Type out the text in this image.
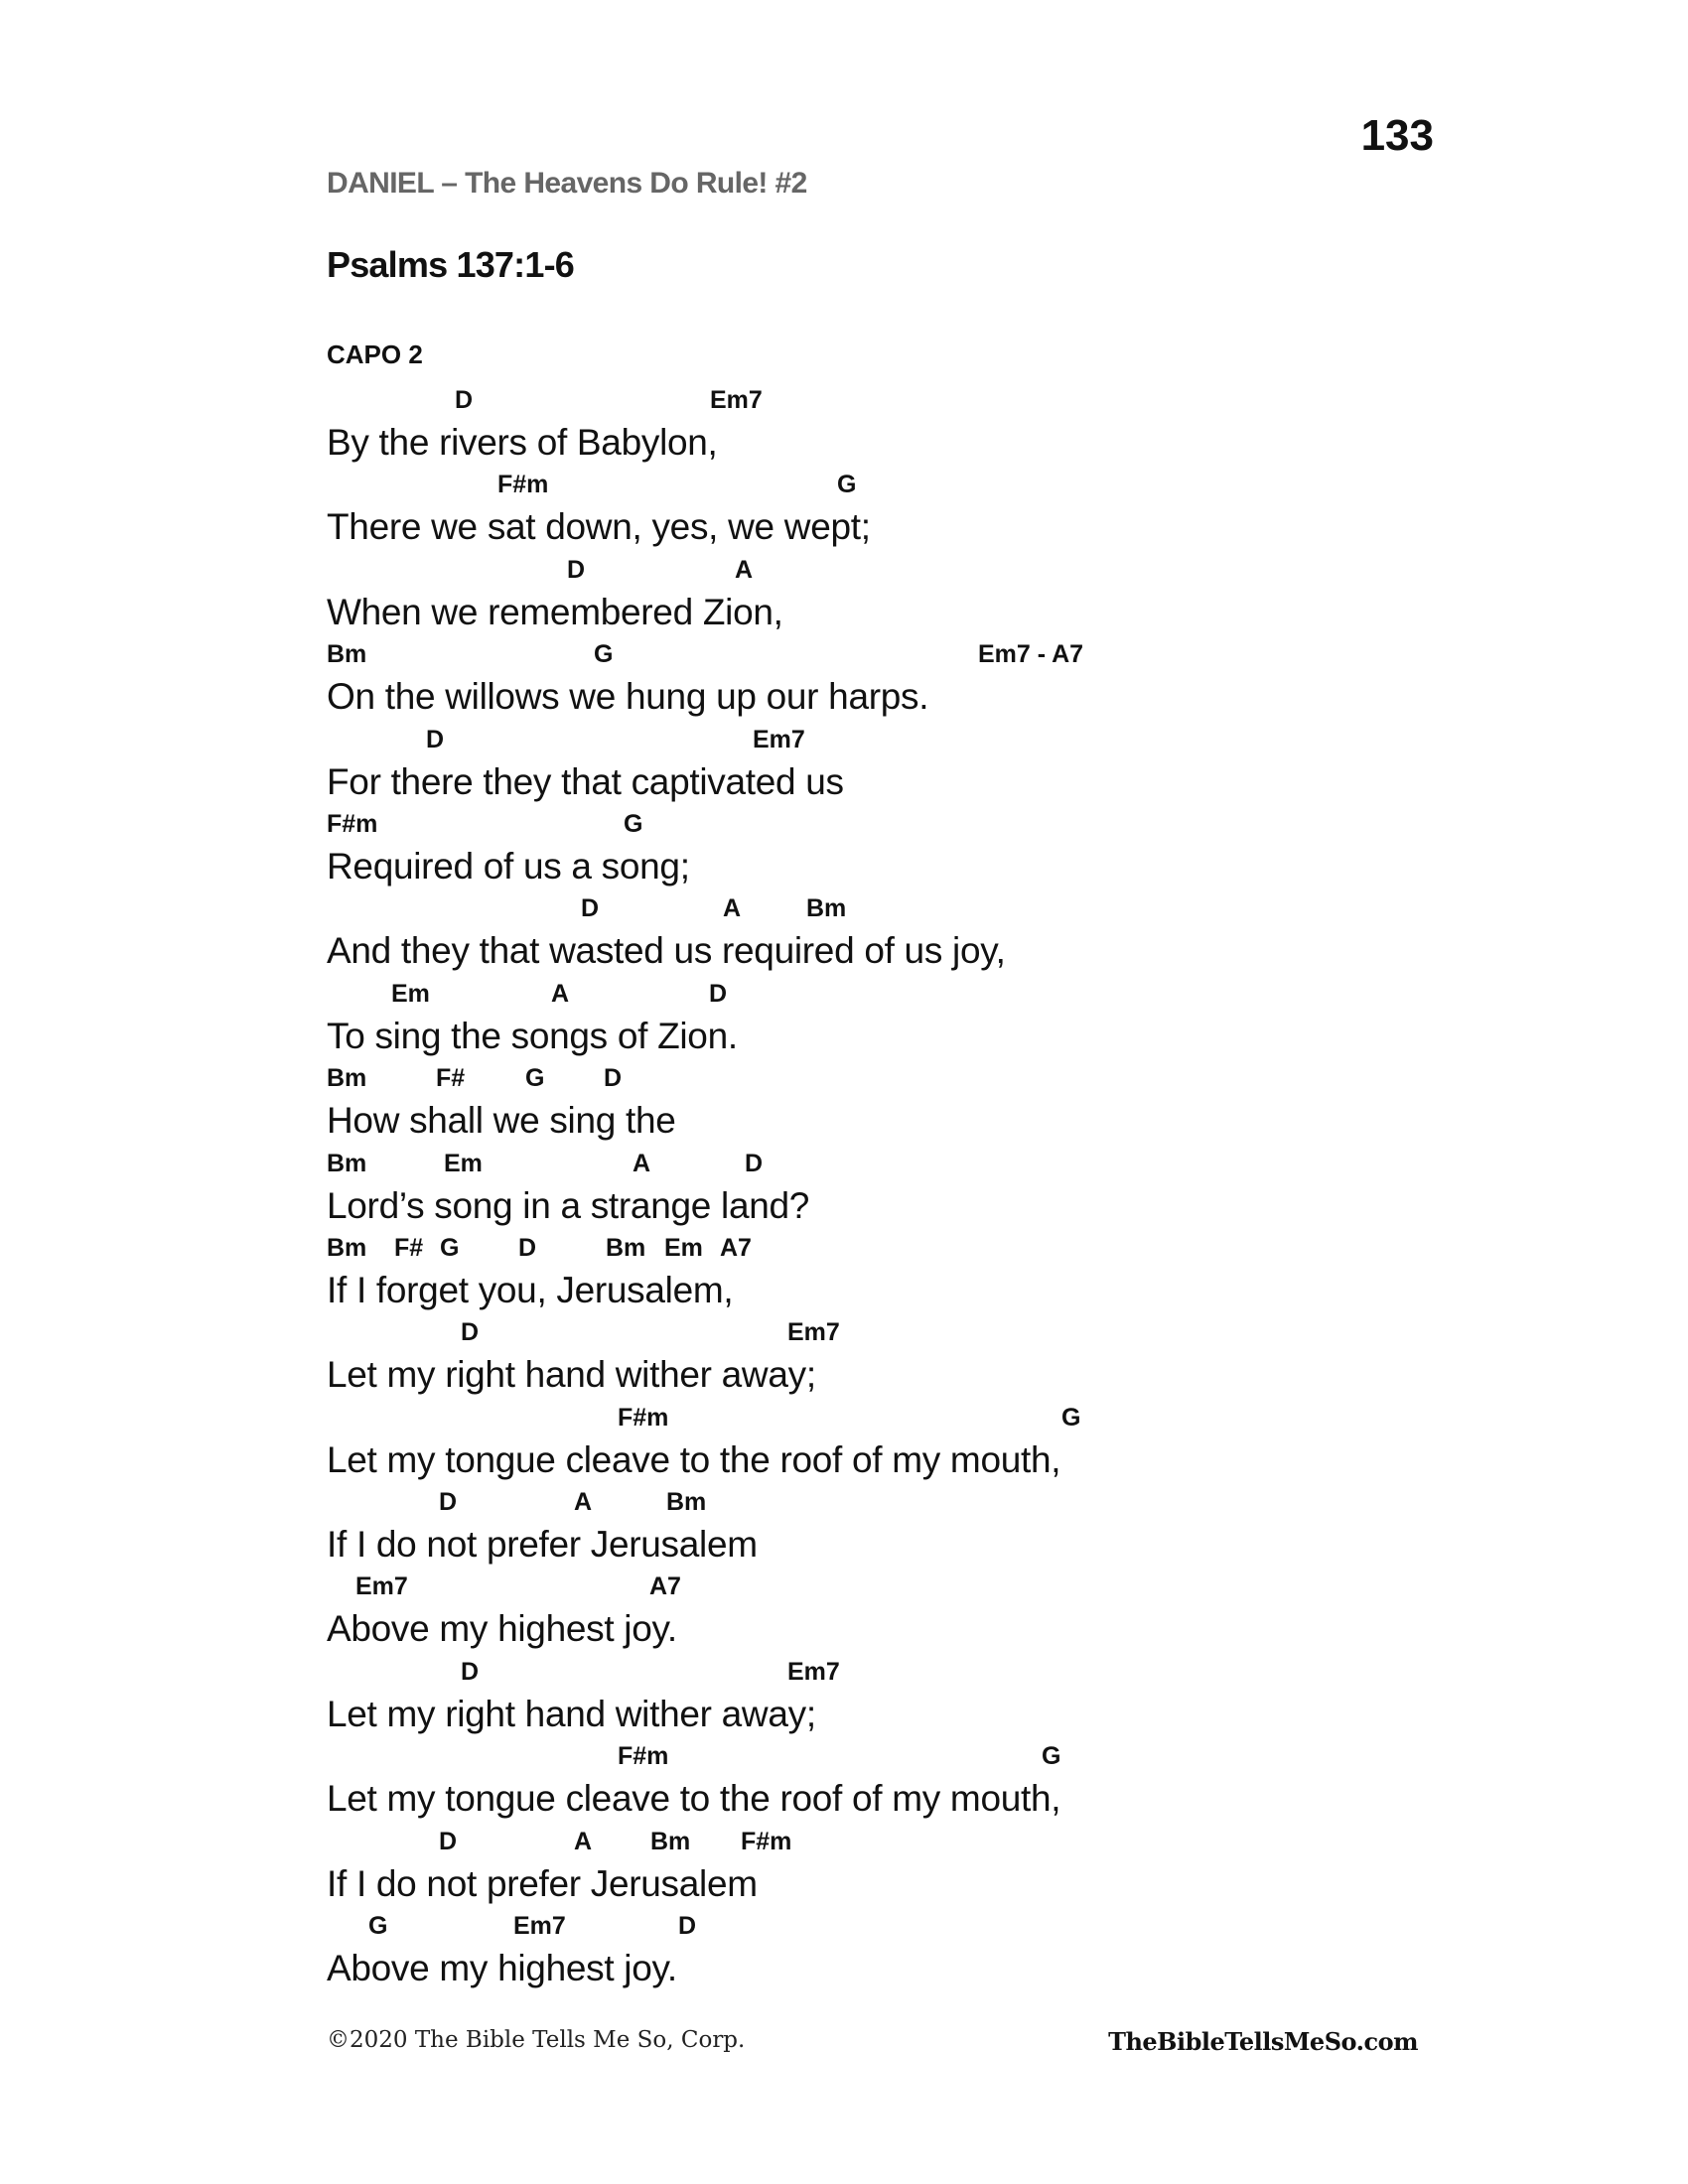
133
DANIEL – The Heavens Do Rule! #2
Psalms 137:1-6
CAPO 2
D	Em7
By the rivers of Babylon,
F#m	G
There we sat down, yes, we wept;
D	A
When we remembered Zion,
Bm	G	Em7 - A7
On the willows we hung up our harps.
D	Em7
For there they that captivated us
F#m	G
Required of us a song;
D	A	Bm
And they that wasted us required of us joy,
Em	A	D
To sing the songs of Zion.
Bm	F# G D
How shall we sing the
Bm	Em	A	D
Lord’s song in a strange land?
Bm F# G D	Bm Em A7
If I forget you, Jerusalem,
D	Em7
Let my right hand wither away;
F#m	G
Let my tongue cleave to the roof of my mouth,
D	A	Bm
If I do not prefer Jerusalem
Em7	A7
Above my highest joy.
D	Em7
Let my right hand wither away;
F#m	G
Let my tongue cleave to the roof of my mouth,
D	A Bm F#m
If I do not prefer Jerusalem
G	Em7	D
Above my highest joy.
©2020 The Bible Tells Me So, Corp.	TheBibleTellsMeSo.com
